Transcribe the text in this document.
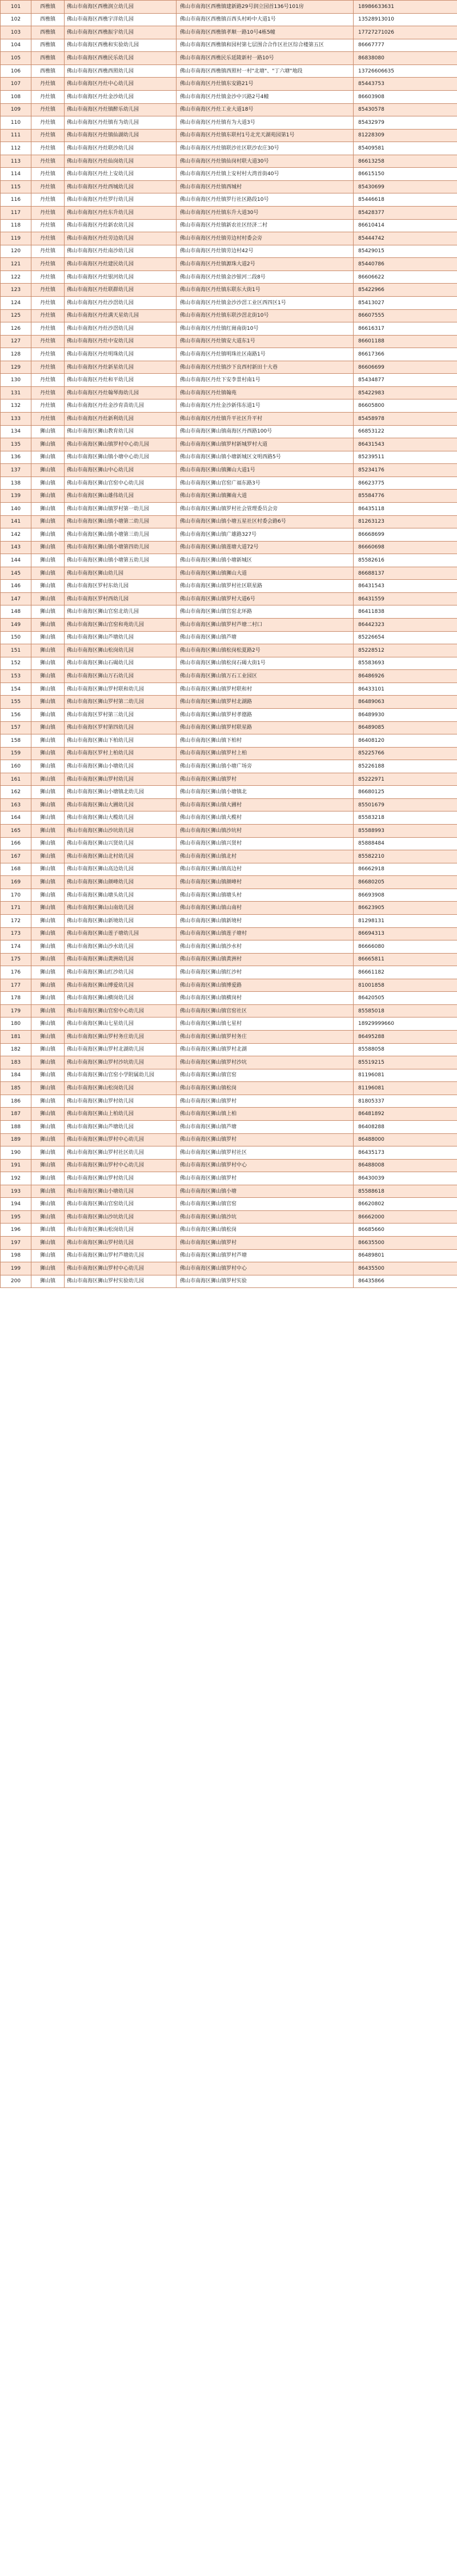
101	西樵镇	佛山市南海区西樵润立幼儿园	佛山市南海区西樵镇建新路29号润立园首136号101房	18986633631
102	西樵镇	佛山市南海区西樵宇洋幼儿园	佛山市南海区西樵镇百西头村岭中大道1号	13528913010
103	西樵镇	佛山市南海区西樵振宇幼儿园	佛山市南海区西樵镇孝顺一路10号4栋5幢	17727271026
104	西樵镇	佛山市南海区西樵和实验幼儿园	佛山市南海区西樵镇和园村第七层围合合作区社区综合楼第五区	86667777
105	西樵镇	佛山市南海区西樵民乐幼儿园	佛山市南海区西樵民乐延陵新村一路10号	86838080
106	西樵镇	佛山市南海区西樵西照幼儿园	佛山市南海区西樵镇西照村一村"北塘"、"丁六塘"地段	13726606635
107	丹灶镇	佛山市南海区丹灶中心幼儿园	佛山市南海区丹灶镇东安路21号	85443753
108	丹灶镇	佛山市南海区丹灶金沙幼儿园	佛山市南海区丹灶镇金沙中兴路2号4幢	86603908
109	丹灶镇	佛山市南海区丹灶镇醉乐幼儿园	佛山市南海区丹灶工业大道18号	85430578
110	丹灶镇	佛山市南海区丹灶镇有为幼儿园	佛山市南海区丹灶镇有为大道3号	85432979
111	丹灶镇	佛山市南海区丹灶镇仙湖幼儿园	佛山市南海区丹灶镇东联村1号北光天湖苑园第1号	81228309
112	丹灶镇	佛山市南海区丹灶联沙幼儿园	佛山市南海区丹灶镇联沙社区联沙农庄30号	85409581
113	丹灶镇	佛山市南海区丹灶仙岗幼儿园	佛山市南海区丹灶镇仙岗村联大道30号	86613258
114	丹灶镇	佛山市南海区丹灶上安幼儿园	佛山市南海区丹灶镇上安村村大湾首街40号	86615150
115	丹灶镇	佛山市南海区丹灶西城幼儿园	佛山市南海区丹灶镇西城村	85430699
116	丹灶镇	佛山市南海区丹灶罗行幼儿园	佛山市南海区丹灶镇罗行社区路段10号	85446618
117	丹灶镇	佛山市南海区丹灶东升幼儿园	佛山市南海区丹灶镇东升大道30号	85428377
118	丹灶镇	佛山市南海区丹灶新农幼儿园	佛山市南海区丹灶镇新农社区经济二村	86610414
119	丹灶镇	佛山市南海区丹灶劳边幼儿园	佛山市南海区丹灶镇劳边村村委会旁	85444742
120	丹灶镇	佛山市南海区丹灶南沙幼儿园	佛山市南海区丹灶镇劳边村42号	85429015
121	丹灶镇	佛山市南海区丹灶建民幼儿园	佛山市南海区丹灶镇源珠大道2号	85440786
122	丹灶镇	佛山市南海区丹灶银河幼儿园	佛山市南海区丹灶镇金沙银河二段8号	86606622
123	丹灶镇	佛山市南海区丹灶联群幼儿园	佛山市南海区丹灶镇东联东大街1号	85422966
124	丹灶镇	佛山市南海区丹灶沙滘幼儿园	佛山市南海区丹灶镇金沙沙滘工业区西四区1号	85413027
125	丹灶镇	佛山市南海区丹灶满天星幼儿园	佛山市南海区丹灶镇东联沙滘北街10号	86607555
126	丹灶镇	佛山市南海区丹灶沙滘幼儿园	佛山市南海区丹灶镇红崗南街10号	86616317
127	丹灶镇	佛山市南海区丹灶中安幼儿园	佛山市南海区丹灶镇安大道东1号	86601188
128	丹灶镇	佛山市南海区丹灶明珠幼儿园	佛山市南海区丹灶镇明珠社区南路1号	86617366
129	丹灶镇	佛山市南海区丹灶新星幼儿园	佛山市南海区丹灶镇沙下良西村新田十大巷	86606699
130	丹灶镇	佛山市南海区丹灶和平幼儿园	佛山市南海区丹灶下安李景村南1号	85434877
131	丹灶镇	佛山市南海区丹灶翰琴海幼儿园	佛山市南海区丹灶镇翰苑	85422983
132	丹灶镇	佛山市南海区丹灶金沙育苗幼儿园	佛山市南海区丹灶金沙新伟东道1号	86605800
133	丹灶镇	佛山市南海区丹灶新利幼儿园	佛山市南海区丹灶镇升平社区升平村	85458978
134	狮山镇	佛山市南海区狮山教育幼儿园	佛山市南海区狮山镇南海区丹西路100号	66853122
135	狮山镇	佛山市南海区狮山镇罗村中心幼儿园	佛山市南海区狮山镇罗村新城罗村大道	86431543
136	狮山镇	佛山市南海区狮山镇小塘中心幼儿园	佛山市南海区狮山镇小塘新城区文明西路5号	85239511
137	狮山镇	佛山市南海区狮山中心幼儿园	佛山市南海区狮山镇狮山大道1号	85234176
138	狮山镇	佛山市南海区狮山官窑中心幼儿园	佛山市南海区狮山官窑广福东路3号	86623775
139	狮山镇	佛山市南海区狮山雄伟幼儿园	佛山市南海区狮山镇狮南大道	85584776
140	狮山镇	佛山市南海区狮山镇罗村第一幼儿园	佛山市南海区狮山镇罗村社会管理委员会旁	86435118
141	狮山镇	佛山市南海区狮山镇小塘第二幼儿园	佛山市南海区狮山镇小塘五星社区村委会路6号	81263123
142	狮山镇	佛山市南海区狮山镇小塘第三幼儿园	佛山市南海区狮山镇广雄路327号	86668699
143	狮山镇	佛山市南海区狮山镇小塘第四幼儿园	佛山市南海区狮山镇莲塘大道72号	86660698
144	狮山镇	佛山市南海区狮山镇小塘第五幼儿园	佛山市南海区狮山镇小塘新城区	85582616
145	狮山镇	佛山市南海区狮山幼儿园	佛山市南海区狮山镇狮山大道	86688137
146	狮山镇	佛山市南海区罗村东幼儿园	佛山市南海区狮山镇罗村社区联星路	86431543
147	狮山镇	佛山市南海区罗村西幼儿园	佛山市南海区狮山镇罗村大道6号	86431559
148	狮山镇	佛山市南海区狮山官窑北幼儿园	佛山市南海区狮山镇官窑北环路	86411838
149	狮山镇	佛山市南海区狮山官窑和苑幼儿园	佛山市南海区狮山镇罗村芦塘二村口	86442323
150	狮山镇	佛山市南海区狮山芦塘幼儿园	佛山市南海区狮山镇芦塘	85226654
151	狮山镇	佛山市南海区狮山松岗幼儿园	佛山市南海区狮山镇松岗松夏路2号	85228512
152	狮山镇	佛山市南海区狮山石碣幼儿园	佛山市南海区狮山镇松岗石碣大街1号	85583693
153	狮山镇	佛山市南海区狮山万石幼儿园	佛山市南海区狮山镇万石工业园区	86486926
154	狮山镇	佛山市南海区狮山罗村联和幼儿园	佛山市南海区狮山镇罗村联和村	86433101
155	狮山镇	佛山市南海区狮山罗村第二幼儿园	佛山市南海区狮山镇罗村北湖路	86489063
156	狮山镇	佛山市南海区罗村第三幼儿园	佛山市南海区狮山镇罗村孝德路	86489930
157	狮山镇	佛山市南海区罗村第四幼儿园	佛山市南海区狮山镇罗村联星路	86489085
158	狮山镇	佛山市南海区狮山下柏幼儿园	佛山市南海区狮山镇下柏村	86408120
159	狮山镇	佛山市南海区罗村上柏幼儿园	佛山市南海区狮山镇罗村上柏	85225766
160	狮山镇	佛山市南海区狮山小塘幼儿园	佛山市南海区狮山镇小塘广场旁	85226188
161	狮山镇	佛山市南海区狮山罗村幼儿园	佛山市南海区狮山镇罗村	85222971
162	狮山镇	佛山市南海区狮山小塘镇北幼儿园	佛山市南海区狮山镇小塘镇北	86680125
163	狮山镇	佛山市南海区狮山大圃幼儿园	佛山市南海区狮山镇大圃村	85501679
164	狮山镇	佛山市南海区狮山大榄幼儿园	佛山市南海区狮山镇大榄村	85583218
165	狮山镇	佛山市南海区狮山沙坑幼儿园	佛山市南海区狮山镇沙坑村	85588993
166	狮山镇	佛山市南海区狮山兴贤幼儿园	佛山市南海区狮山镇兴贤村	85888484
167	狮山镇	佛山市南海区狮山北村幼儿园	佛山市南海区狮山镇北村	85582210
168	狮山镇	佛山市南海区狮山高边幼儿园	佛山市南海区狮山镇高边村	86662918
169	狮山镇	佛山市南海区狮山颜峰幼儿园	佛山市南海区狮山镇颜峰村	86680205
170	狮山镇	佛山市南海区狮山塘头幼儿园	佛山市南海区狮山镇塘头村	86693908
171	狮山镇	佛山市南海区狮山山南幼儿园	佛山市南海区狮山镇山南村	86623905
172	狮山镇	佛山市南海区狮山新境幼儿园	佛山市南海区狮山镇新境村	81298131
173	狮山镇	佛山市南海区狮山莲子塘幼儿园	佛山市南海区狮山镇莲子塘村	86694313
174	狮山镇	佛山市南海区狮山沙水幼儿园	佛山市南海区狮山镇沙水村	86666080
175	狮山镇	佛山市南海区狮山黄洲幼儿园	佛山市南海区狮山镇黄洲村	86665811
176	狮山镇	佛山市南海区狮山红沙幼儿园	佛山市南海区狮山镇红沙村	86661182
177	狮山镇	佛山市南海区狮山博爱幼儿园	佛山市南海区狮山镇博爱路	81001858
178	狮山镇	佛山市南海区狮山横岗幼儿园	佛山市南海区狮山镇横岗村	86420505
179	狮山镇	佛山市南海区狮山官窑中心幼儿园	佛山市南海区狮山镇官窑社区	85585018
180	狮山镇	佛山市南海区狮山七星幼儿园	佛山市南海区狮山镇七星村	18929999660
181	狮山镇	佛山市南海区狮山罗村务庄幼儿园	佛山市南海区狮山镇罗村务庄	86495288
182	狮山镇	佛山市南海区狮山罗村北湖幼儿园	佛山市南海区狮山镇罗村北湖	85588058
183	狮山镇	佛山市南海区狮山罗村沙坑幼儿园	佛山市南海区狮山镇罗村沙坑	85519215
184	狮山镇	佛山市南海区狮山官窑小学附属幼儿园	佛山市南海区狮山镇官窑	81196081
185	狮山镇	佛山市南海区狮山松岗幼儿园	佛山市南海区狮山镇松岗	81196081
186	狮山镇	佛山市南海区狮山罗村幼儿园	佛山市南海区狮山镇罗村	81805337
187	狮山镇	佛山市南海区狮山上柏幼儿园	佛山市南海区狮山镇上柏	86481892
188	狮山镇	佛山市南海区狮山芦塘幼儿园	佛山市南海区狮山镇芦塘	86408288
189	狮山镇	佛山市南海区狮山罗村中心幼儿园	佛山市南海区狮山镇罗村	86488000
190	狮山镇	佛山市南海区狮山罗村社区幼儿园	佛山市南海区狮山镇罗村社区	86435173
191	狮山镇	佛山市南海区狮山罗村中心幼儿园	佛山市南海区狮山镇罗村中心	86488008
192	狮山镇	佛山市南海区狮山罗村幼儿园	佛山市南海区狮山镇罗村	86430039
193	狮山镇	佛山市南海区狮山小塘幼儿园	佛山市南海区狮山镇小塘	85588618
194	狮山镇	佛山市南海区狮山官窑幼儿园	佛山市南海区狮山镇官窑	86620802
195	狮山镇	佛山市南海区狮山沙坑幼儿园	佛山市南海区狮山镇沙坑	86662000
196	狮山镇	佛山市南海区狮山松岗幼儿园	佛山市南海区狮山镇松岗	86685660
197	狮山镇	佛山市南海区狮山罗村幼儿园	佛山市南海区狮山镇罗村	86635500
198	狮山镇	佛山市南海区狮山罗村芦塘幼儿园	佛山市南海区狮山镇罗村芦塘	86489801
199	狮山镇	佛山市南海区狮山罗村中心幼儿园	佛山市南海区狮山镇罗村中心	86435500
200	狮山镇	佛山市南海区狮山罗村实验幼儿园	佛山市南海区狮山镇罗村实验	86435866
